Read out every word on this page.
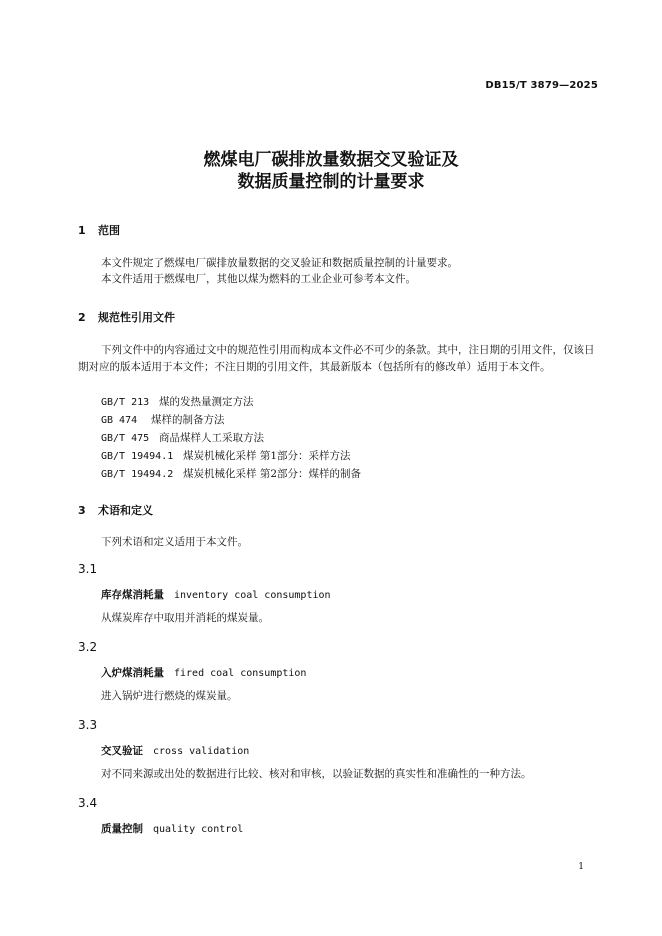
DB15/T 3879—2025
燃煤电厂碳排放量数据交叉验证及
数据质量控制的计量要求
1 范围
本文件规定了燃煤电厂碳排放量数据的交叉验证和数据质量控制的计量要求。
本文件适用于燃煤电厂，其他以煤为燃料的工业企业可参考本文件。
2 规范性引用文件
下列文件中的内容通过文中的规范性引用而构成本文件必不可少的条款。其中，注日期的引用文件，仅该日期对应的版本适用于本文件；不注日期的引用文件，其最新版本（包括所有的修改单）适用于本文件。
GB/T 213 煤的发热量测定方法
GB 474 煤样的制备方法
GB/T 475 商品煤样人工采取方法
GB/T 19494.1 煤炭机械化采样 第1部分：采样方法
GB/T 19494.2 煤炭机械化采样 第2部分：煤样的制备
3 术语和定义
下列术语和定义适用于本文件。
3.1
库存煤消耗量 inventory coal consumption
从煤炭库存中取用并消耗的煤炭量。
3.2
入炉煤消耗量 fired coal consumption
进入锅炉进行燃烧的煤炭量。
3.3
交叉验证 cross validation
对不同来源或出处的数据进行比较、核对和审核，以验证数据的真实性和准确性的一种方法。
3.4
质量控制 quality control
1
